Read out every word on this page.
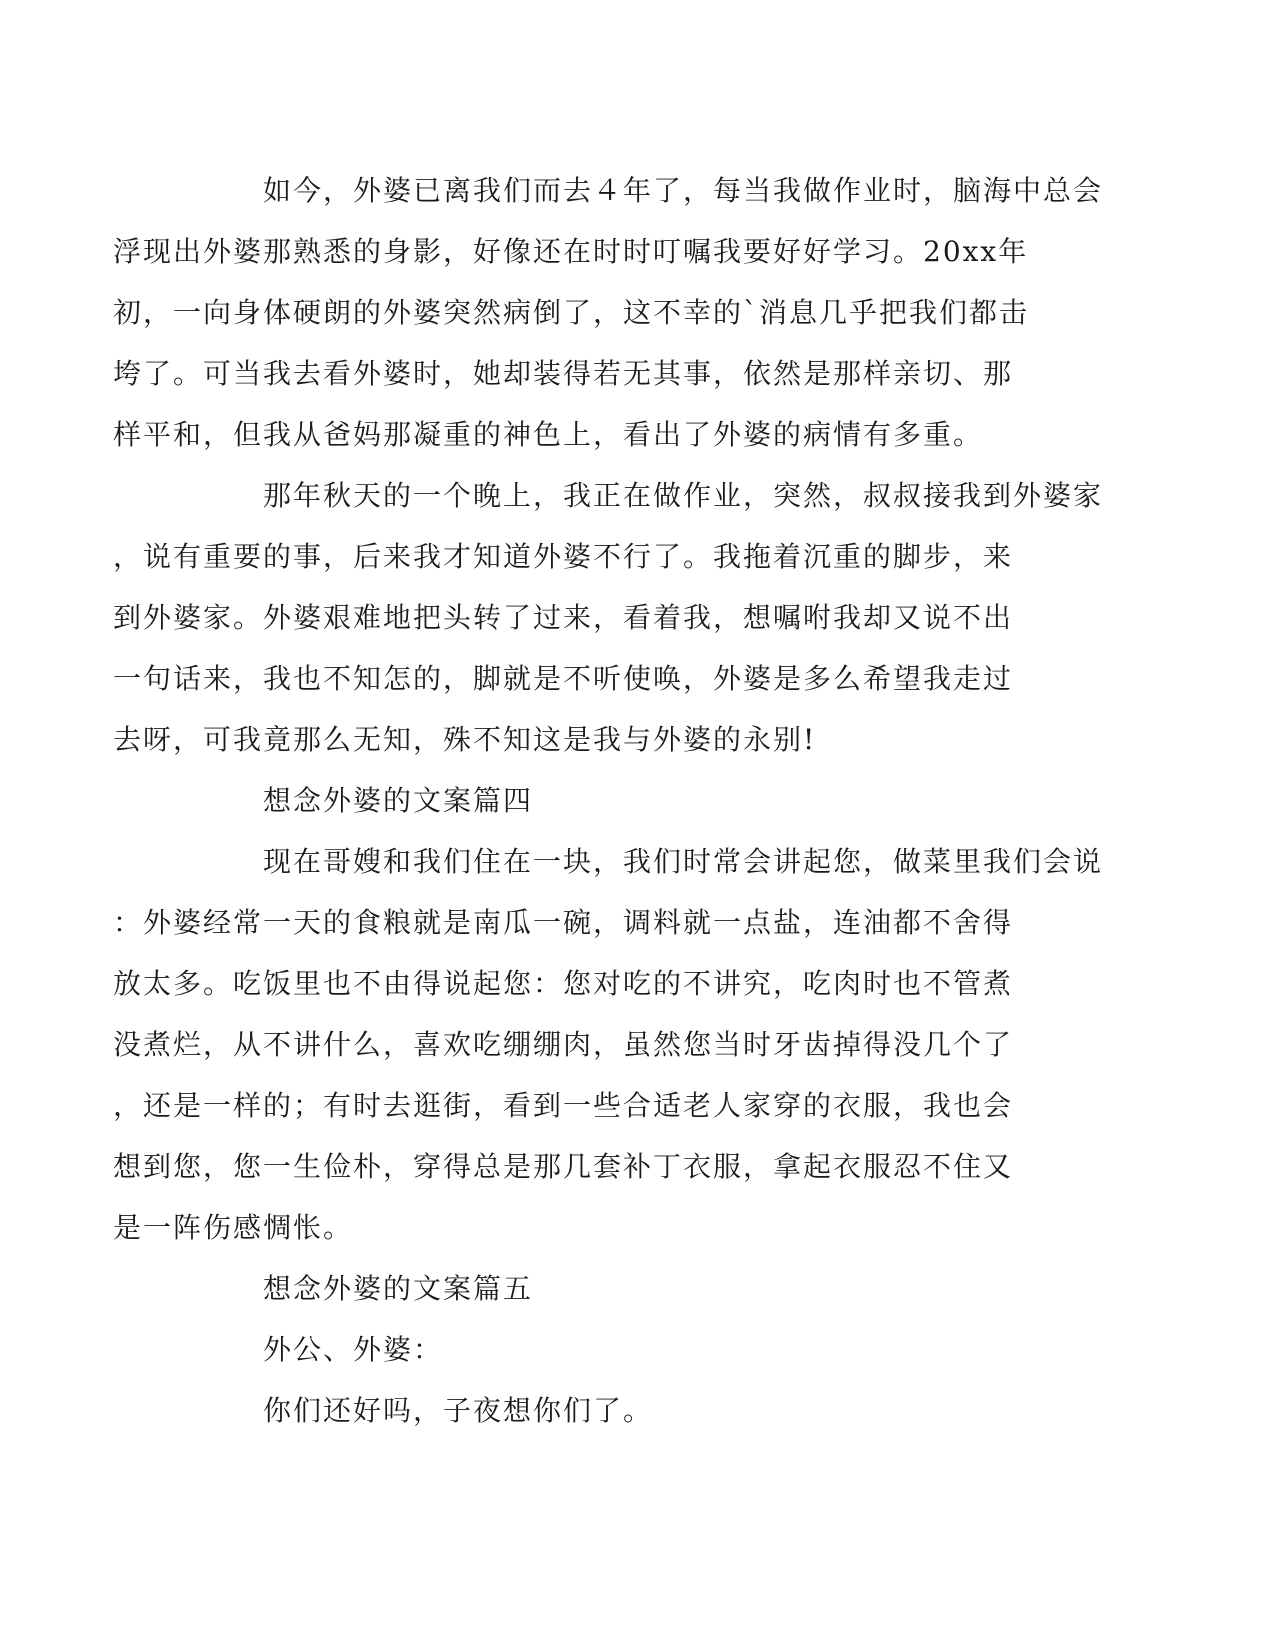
如今，外婆已离我们而去４年了，每当我做作业时，脑海中总会
浮现出外婆那熟悉的身影，好像还在时时叮嘱我要好好学习。20xx年
初，一向身体硬朗的外婆突然病倒了，这不幸的`消息几乎把我们都击
垮了。可当我去看外婆时，她却装得若无其事，依然是那样亲切、那
样平和，但我从爸妈那凝重的神色上，看出了外婆的病情有多重。
那年秋天的一个晚上，我正在做作业，突然，叔叔接我到外婆家
，说有重要的事，后来我才知道外婆不行了。我拖着沉重的脚步，来
到外婆家。外婆艰难地把头转了过来，看着我，想嘱咐我却又说不出
一句话来，我也不知怎的，脚就是不听使唤，外婆是多么希望我走过
去呀，可我竟那么无知，殊不知这是我与外婆的永别!
想念外婆的文案篇四
现在哥嫂和我们住在一块，我们时常会讲起您，做菜里我们会说
：外婆经常一天的食粮就是南瓜一碗，调料就一点盐，连油都不舍得
放太多。吃饭里也不由得说起您：您对吃的不讲究，吃肉时也不管煮
没煮烂，从不讲什么，喜欢吃绷绷肉，虽然您当时牙齿掉得没几个了
，还是一样的；有时去逛街，看到一些合适老人家穿的衣服，我也会
想到您，您一生俭朴，穿得总是那几套补丁衣服，拿起衣服忍不住又
是一阵伤感惆怅。
想念外婆的文案篇五
外公、外婆：
你们还好吗，子夜想你们了。
